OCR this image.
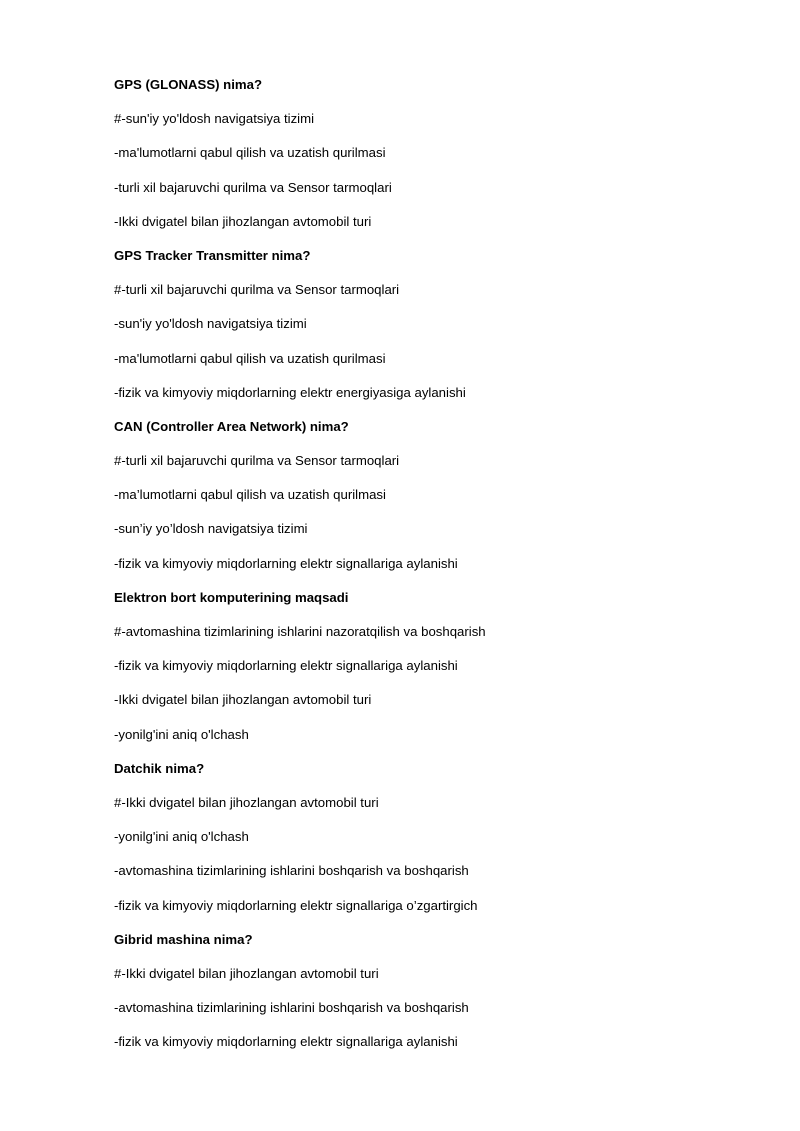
GPS (GLONASS) nima?
#-sun'iy yo'ldosh navigatsiya tizimi
-ma'lumotlarni qabul qilish va uzatish qurilmasi
-turli xil bajaruvchi qurilma va Sensor tarmoqlari
-Ikki dvigatel bilan jihozlangan avtomobil turi
GPS Tracker Transmitter nima?
#-turli xil bajaruvchi qurilma va Sensor tarmoqlari
-sun'iy yo'ldosh navigatsiya tizimi
-ma'lumotlarni qabul qilish va uzatish qurilmasi
-fizik va kimyoviy miqdorlarning elektr energiyasiga aylanishi
CAN (Controller Area Network) nima?
#-turli xil bajaruvchi qurilma va Sensor tarmoqlari
-ma’lumotlarni qabul qilish va uzatish qurilmasi
-sun’iy yo’ldosh navigatsiya tizimi
-fizik va kimyoviy miqdorlarning elektr signallariga aylanishi
Elektron bort komputerining maqsadi
#-avtomashina tizimlarining ishlarini nazoratqilish va boshqarish
-fizik va kimyoviy miqdorlarning elektr signallariga aylanishi
-Ikki dvigatel bilan jihozlangan avtomobil turi
-yonilg'ini aniq o'lchash
Datchik nima?
#-Ikki dvigatel bilan jihozlangan avtomobil turi
-yonilg'ini aniq o'lchash
-avtomashina tizimlarining ishlarini boshqarish va boshqarish
-fizik va kimyoviy miqdorlarning elektr signallariga o’zgartirgich
Gibrid mashina nima?
#-Ikki dvigatel bilan jihozlangan avtomobil turi
-avtomashina tizimlarining ishlarini boshqarish va boshqarish
-fizik va kimyoviy miqdorlarning elektr signallariga aylanishi
